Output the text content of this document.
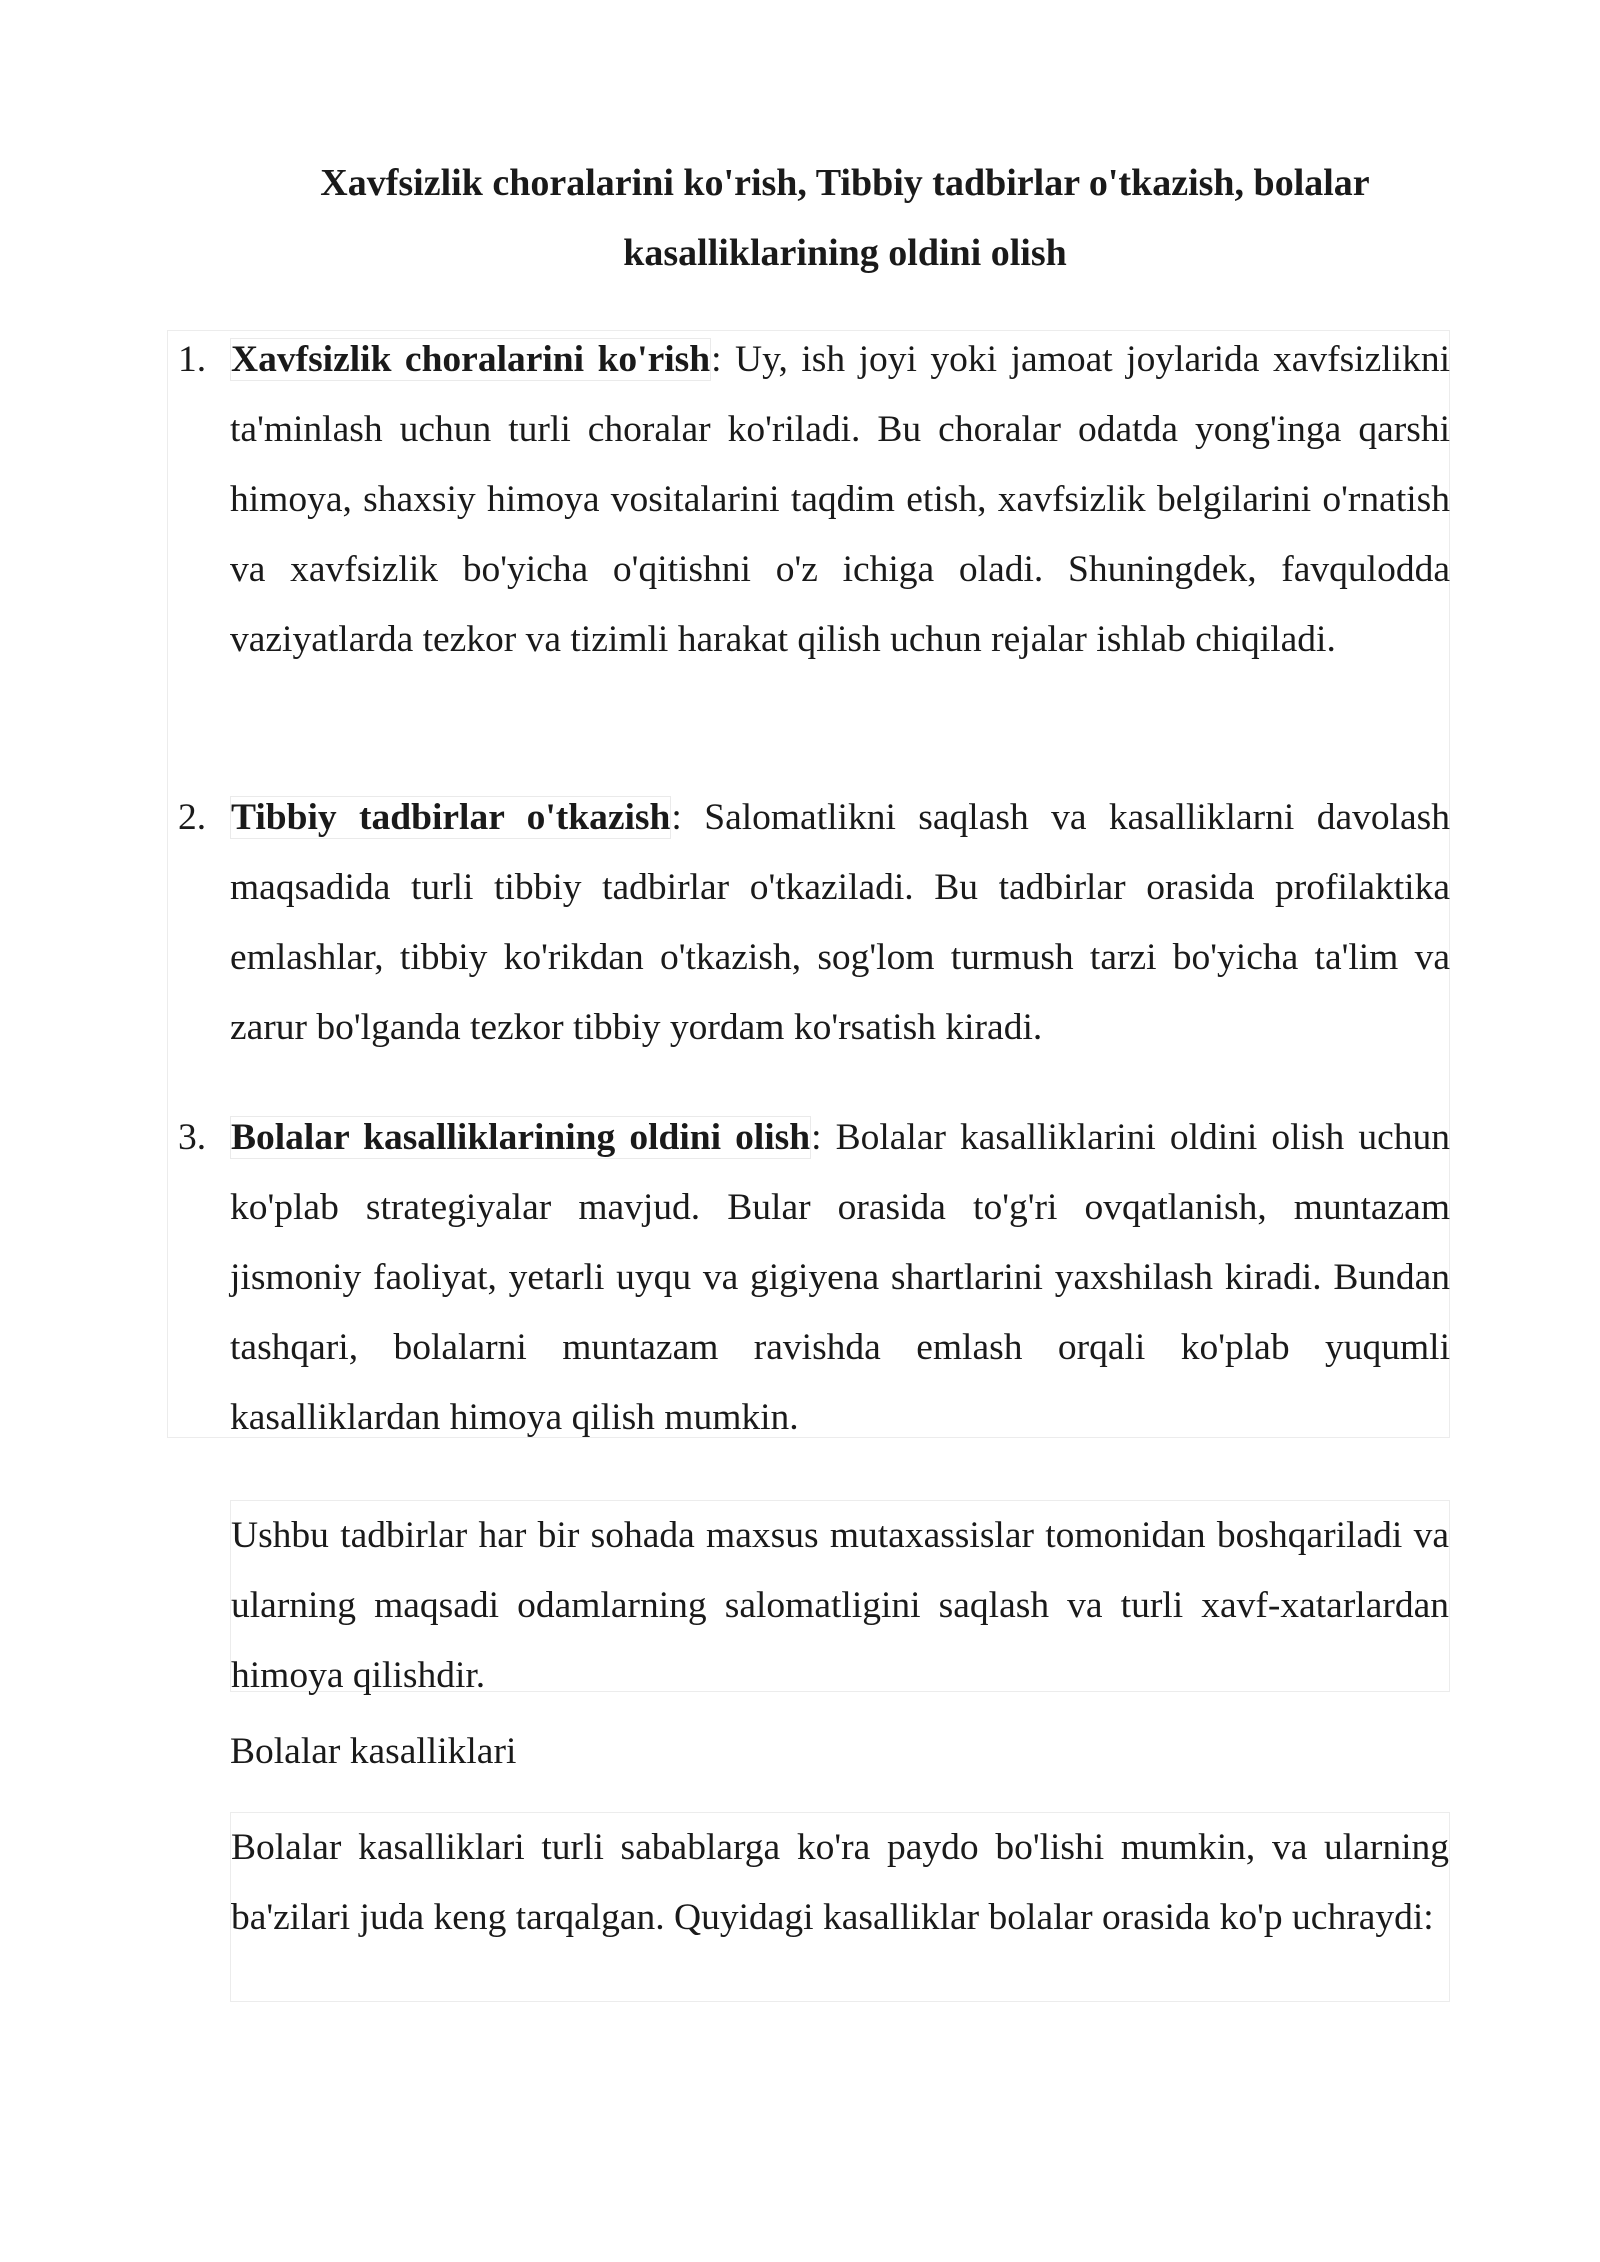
Xavfsizlik choralarini ko'rish, Tibbiy tadbirlar o'tkazish, bolalar kasalliklarining oldini olish
1. Xavfsizlik choralarini ko'rish: Uy, ish joyi yoki jamoat joylarida xavfsizlikni ta'minlash uchun turli choralar ko'riladi. Bu choralar odatda yong'inga qarshi himoya, shaxsiy himoya vositalarini taqdim etish, xavfsizlik belgilarini o'rnatish va xavfsizlik bo'yicha o'qitishni o'z ichiga oladi. Shuningdek, favqulodda vaziyatlarda tezkor va tizimli harakat qilish uchun rejalar ishlab chiqiladi.

2. Tibbiy tadbirlar o'tkazish: Salomatlikni saqlash va kasalliklarni davolash maqsadida turli tibbiy tadbirlar o'tkaziladi. Bu tadbirlar orasida profilaktika emlashlar, tibbiy ko'rikdan o'tkazish, sog'lom turmush tarzi bo'yicha ta'lim va zarur bo'lganda tezkor tibbiy yordam ko'rsatish kiradi.

3. Bolalar kasalliklarining oldini olish: Bolalar kasalliklarini oldini olish uchun ko'plab strategiyalar mavjud. Bular orasida to'g'ri ovqatlanish, muntazam jismoniy faoliyat, yetarli uyqu va gigiyena shartlarini yaxshilash kiradi. Bundan tashqari, bolalarni muntazam ravishda emlash orqali ko'plab yuqumli kasalliklardan himoya qilish mumkin.

Ushbu tadbirlar har bir sohada maxsus mutaxassislar tomonidan boshqariladi va ularning maqsadi odamlarning salomatligini saqlash va turli xavf-xatarlardan himoya qilishdir.

Bolalar kasalliklari

Bolalar kasalliklari turli sabablarga ko'ra paydo bo'lishi mumkin, va ularning ba'zilari juda keng tarqalgan. Quyidagi kasalliklar bolalar orasida ko'p uchraydi:
